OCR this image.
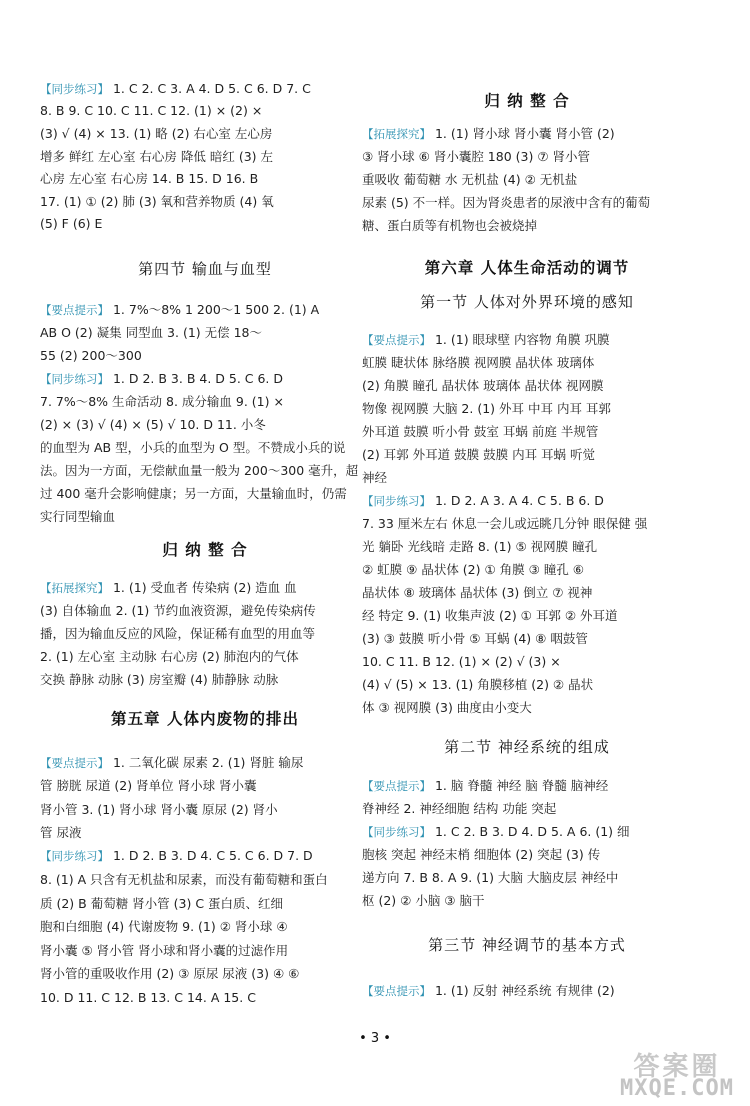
【同步练习】 1. C 2. C 3. A 4. D 5. C 6. D 7. C
8. B 9. C 10. C 11. C 12. (1) × (2) ×
(3) √ (4) × 13. (1) 略 (2) 右心室 左心房
增多 鲜红 左心室 右心房 降低 暗红 (3) 左
心房 左心室 右心房 14. B 15. D 16. B
17. (1) ① (2) 肺 (3) 氧和营养物质 (4) 氧
(5) F (6) E
第四节 输血与血型
【要点提示】 1. 7%～8% 1 200～1 500 2. (1) A
AB O (2) 凝集 同型血 3. (1) 无偿 18～
55 (2) 200～300
【同步练习】 1. D 2. B 3. B 4. D 5. C 6. D
7. 7%～8% 生命活动 8. 成分输血 9. (1) ×
(2) × (3) √ (4) × (5) √ 10. D 11. 小冬
的血型为 AB 型，小兵的血型为 O 型。不赞成小兵的说
法。因为一方面，无偿献血量一般为 200～300 毫升，超
过 400 毫升会影响健康；另一方面，大量输血时，仍需
实行同型输血
归 纳 整 合
【拓展探究】 1. (1) 受血者 传染病 (2) 造血 血
(3) 自体输血 2. (1) 节约血液资源，避免传染病传
播，因为输血反应的风险，保证稀有血型的用血等
2. (1) 左心室 主动脉 右心房 (2) 肺泡内的气体
交换 静脉 动脉 (3) 房室瓣 (4) 肺静脉 动脉
第五章 人体内废物的排出
【要点提示】 1. 二氧化碳 尿素 2. (1) 肾脏 输尿
管 膀胱 尿道 (2) 肾单位 肾小球 肾小囊
肾小管 3. (1) 肾小球 肾小囊 原尿 (2) 肾小
管 尿液
【同步练习】 1. D 2. B 3. D 4. C 5. C 6. D 7. D
8. (1) A 只含有无机盐和尿素，而没有葡萄糖和蛋白
质 (2) B 葡萄糖 肾小管 (3) C 蛋白质、红细
胞和白细胞 (4) 代谢废物 9. (1) ② 肾小球 ④
肾小囊 ⑤ 肾小管 肾小球和肾小囊的过滤作用
肾小管的重吸收作用 (2) ③ 原尿 尿液 (3) ④ ⑥
10. D 11. C 12. B 13. C 14. A 15. C
归 纳 整 合
【拓展探究】 1. (1) 肾小球 肾小囊 肾小管 (2)
③ 肾小球 ⑥ 肾小囊腔 180 (3) ⑦ 肾小管
重吸收 葡萄糖 水 无机盐 (4) ② 无机盐
尿素 (5) 不一样。因为肾炎患者的尿液中含有的葡萄
糖、蛋白质等有机物也会被烧掉
第六章 人体生命活动的调节
第一节 人体对外界环境的感知
【要点提示】 1. (1) 眼球壁 内容物 角膜 巩膜
虹膜 睫状体 脉络膜 视网膜 晶状体 玻璃体
(2) 角膜 瞳孔 晶状体 玻璃体 晶状体 视网膜
物像 视网膜 大脑 2. (1) 外耳 中耳 内耳 耳郭
外耳道 鼓膜 听小骨 鼓室 耳蜗 前庭 半规管
(2) 耳郭 外耳道 鼓膜 鼓膜 内耳 耳蜗 听觉
神经
【同步练习】 1. D 2. A 3. A 4. C 5. B 6. D
7. 33 厘米左右 休息一会儿或远眺几分钟 眼保健 强
光 躺卧 光线暗 走路 8. (1) ⑤ 视网膜 瞳孔
② 虹膜 ⑨ 晶状体 (2) ① 角膜 ③ 瞳孔 ⑥
晶状体 ⑧ 玻璃体 晶状体 (3) 倒立 ⑦ 视神
经 特定 9. (1) 收集声波 (2) ① 耳郭 ② 外耳道
(3) ③ 鼓膜 听小骨 ⑤ 耳蜗 (4) ⑧ 咽鼓管
10. C 11. B 12. (1) × (2) √ (3) ×
(4) √ (5) × 13. (1) 角膜移植 (2) ② 晶状
体 ③ 视网膜 (3) 曲度由小变大
第二节 神经系统的组成
【要点提示】 1. 脑 脊髓 神经 脑 脊髓 脑神经
脊神经 2. 神经细胞 结构 功能 突起
【同步练习】 1. C 2. B 3. D 4. D 5. A 6. (1) 细
胞核 突起 神经末梢 细胞体 (2) 突起 (3) 传
递方向 7. B 8. A 9. (1) 大脑 大脑皮层 神经中
枢 (2) ② 小脑 ③ 脑干
第三节 神经调节的基本方式
【要点提示】 1. (1) 反射 神经系统 有规律 (2)
• 3 •
答案圈
MXQE.COM
